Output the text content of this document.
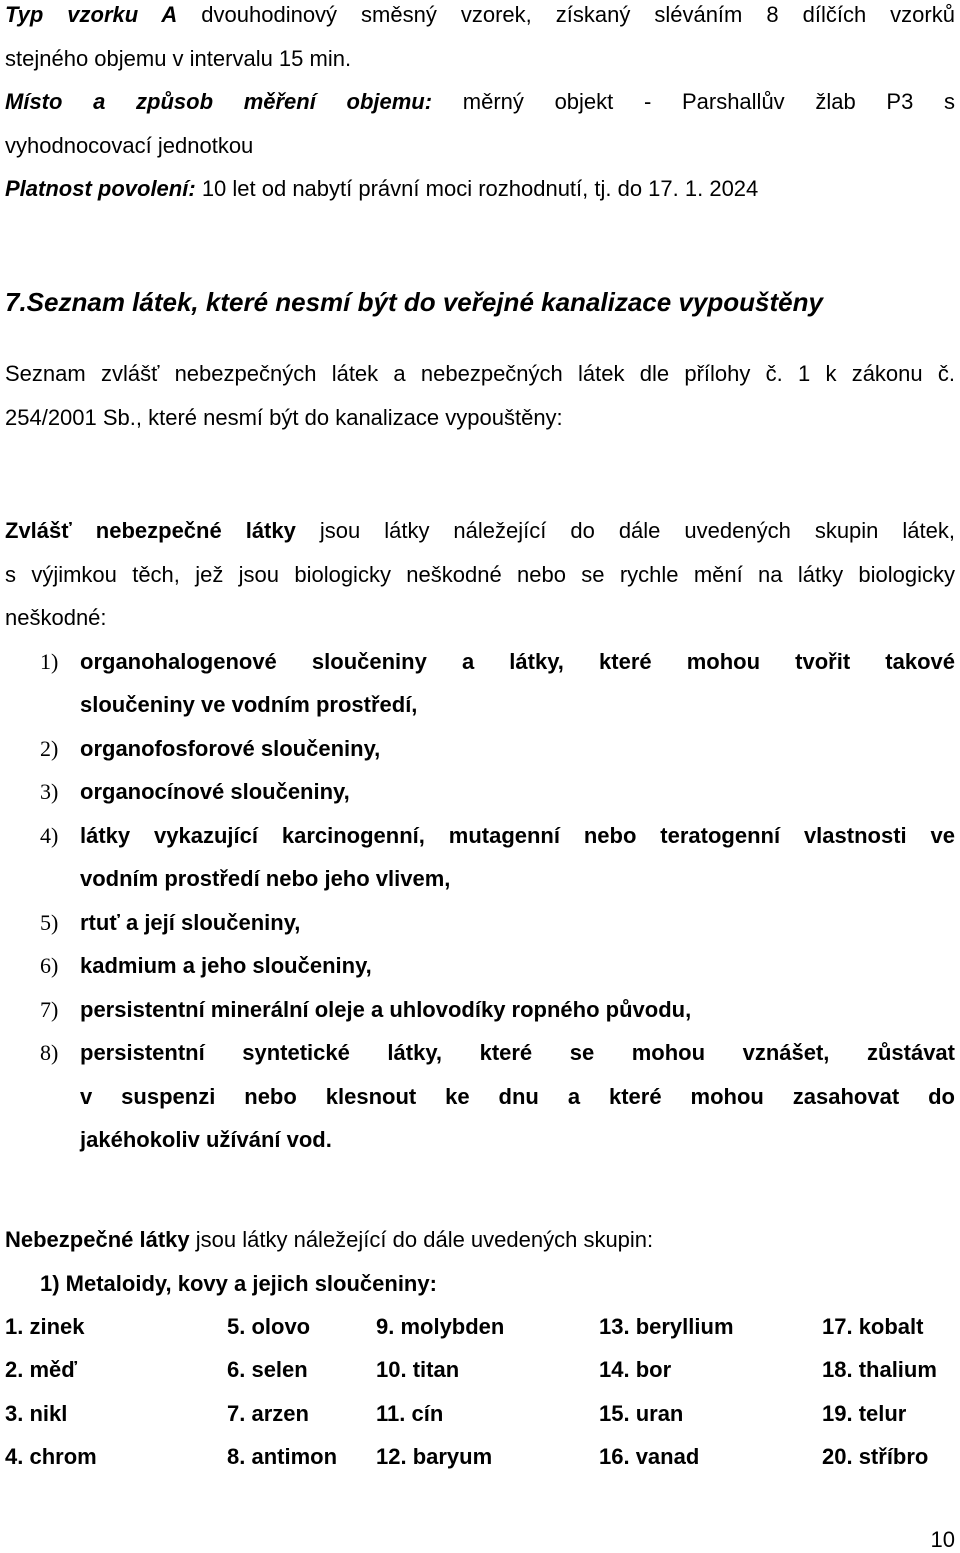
Typ vzorku A dvouhodinový směsný vzorek, získaný sléváním 8 dílčích vzorků

stejného objemu v intervalu 15 min.

Místo a způsob měření objemu: měrný objekt - Parshallův žlab P3 s

vyhodnocovací jednotkou

Platnost povolení: 10 let od nabytí právní moci rozhodnutí, tj. do 17. 1. 2024

7.Seznam látek, které nesmí být do veřejné kanalizace vypouštěny

Seznam zvlášť nebezpečných látek a nebezpečných látek dle přílohy č. 1 k zákonu č.

254/2001 Sb., které nesmí být do kanalizace vypouštěny:

Zvlášť nebezpečné látky jsou látky náležející do dále uvedených skupin látek,

s výjimkou těch, jež jsou biologicky neškodné nebo se rychle mění na látky biologicky

neškodné:

1) organohalogenové sloučeniny a látky, které mohou tvořit takové

sloučeniny ve vodním prostředí,

2) organofosforové sloučeniny,

3) organocínové sloučeniny,

4) látky vykazující karcinogenní, mutagenní nebo teratogenní vlastnosti ve

vodním prostředí nebo jeho vlivem,

5) rtuť a její sloučeniny,

6) kadmium a jeho sloučeniny,

7) persistentní minerální oleje a uhlovodíky ropného původu,

8) persistentní syntetické látky, které se mohou vznášet, zůstávat

v suspenzi nebo klesnout ke dnu a které mohou zasahovat do

jakéhokoliv užívání vod.

Nebezpečné látky jsou látky náležející do dále uvedených skupin:

1) Metaloidy, kovy a jejich sloučeniny:

1. zinek	5. olovo	9. molybden	13. beryllium	17. kobalt
2. měď	6. selen	10. titan	14. bor	18. thalium
3. nikl	7. arzen	11. cín	15. uran	19. telur
4. chrom	8. antimon	12. baryum	16. vanad	20. stříbro
10
